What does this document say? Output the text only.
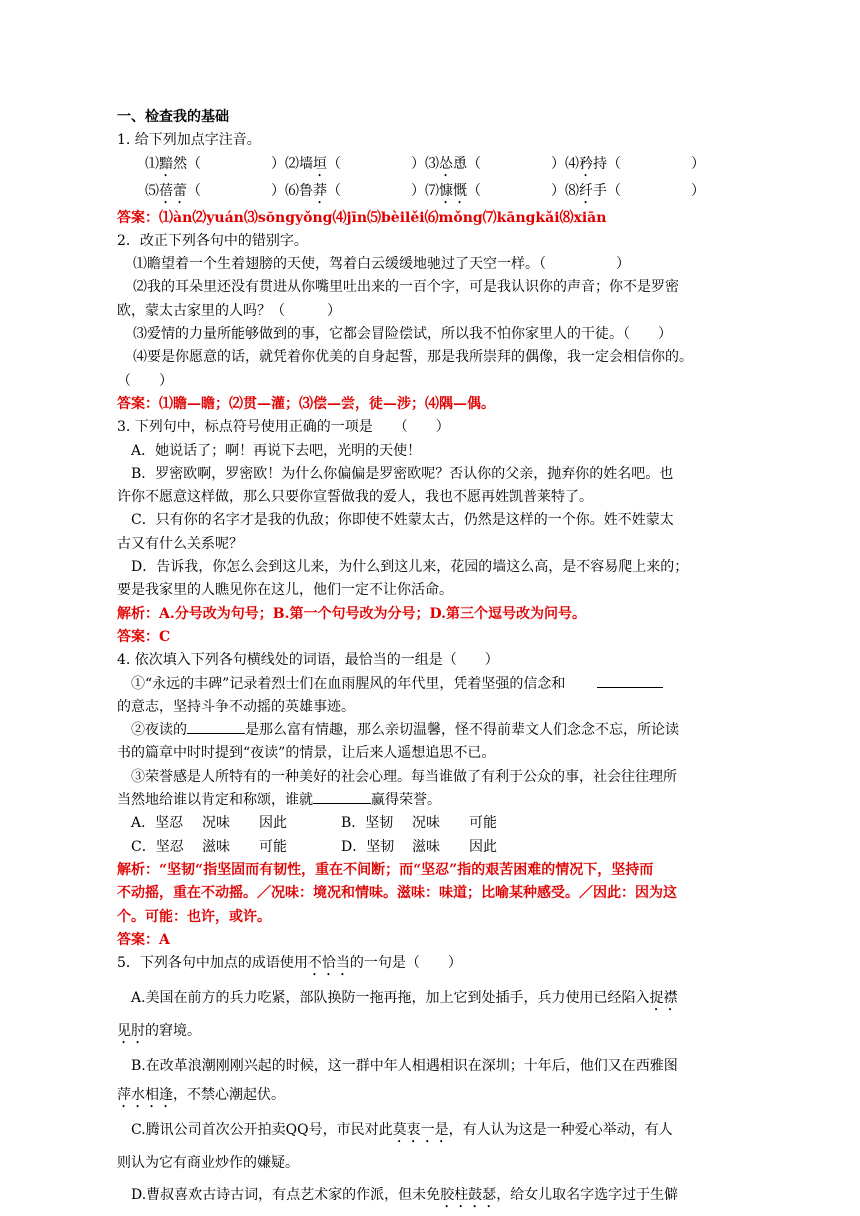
一、检查我的基础
1. 给下列加点字注音。
⑴黯然（　　　　　）⑵墙垣（　　　　　）⑶怂恿（　　　　　）⑷矜持（　　　　　）
⑸蓓蕾（　　　　　）⑹鲁莽（　　　　　）⑺慷慨（　　　　　）⑻纤手（　　　　　）
答案：⑴àn⑵yuán⑶sŏngyǒng⑷jīn⑸bèilěi⑹mǒng⑺kāngkǎi⑻xiān
2．改正下列各句中的错别字。
⑴瞻望着一个生着翅膀的天使，驾着白云缓缓地驰过了天空一样。（　　　　　）
⑵我的耳朵里还没有贯进从你嘴里吐出来的一百个字，可是我认识你的声音；你不是罗密
欧，蒙太古家里的人吗？（　　　）
⑶爱情的力量所能够做到的事，它都会冒险偿试，所以我不怕你家里人的干徒。（　　）
⑷要是你愿意的话，就凭着你优美的自身起誓，那是我所崇拜的偶像，我一定会相信你的。
（　　）
答案：⑴瞻—瞻；⑵贯—灌；⑶偿—尝，徒—涉；⑷隅—偶。
3. 下列句中，标点符号使用正确的一项是　　（　　）
A．她说话了；啊！再说下去吧，光明的天使！
B．罗密欧啊，罗密欧！为什么你偏偏是罗密欧呢？否认你的父亲，抛弃你的姓名吧。也
许你不愿意这样做，那么只要你宣誓做我的爱人，我也不愿再姓凯普莱特了。
C．只有你的名字才是我的仇敌；你即使不姓蒙太古，仍然是这样的一个你。姓不姓蒙太
古又有什么关系呢？
D．告诉我，你怎么会到这儿来，为什么到这儿来，花园的墙这么高，是不容易爬上来的；
要是我家里的人瞧见你在这儿，他们一定不让你活命。
解析：A.分号改为句号；B.第一个句号改为分号；D.第三个逗号改为问号。
答案：C
4. 依次填入下列各句横线处的词语，最恰当的一组是（　　）
①“永远的丰碑”记录着烈士们在血雨腥风的年代里，凭着坚强的信念和
的意志，坚持斗争不动摇的英雄事迹。
②夜读的	是那么富有情趣，那么亲切温馨，怪不得前辈文人们念念不忘，所论读
书的篇章中时时提到“夜读”的情景，让后来人遥想追思不已。
③荣誉感是人所特有的一种美好的社会心理。每当谁做了有利于公众的事，社会往往理所
当然地给谁以肯定和称颂，谁就	赢得荣誉。
A．坚忍 况味 因此	B．坚韧 况味 可能
C．坚忍 滋味 可能	D．坚韧 滋味 因此
解析：“坚韧“指坚固而有韧性，重在不间断；而“坚忍”指的艰苦困难的情况下，坚持而
不动摇，重在不动摇。／况味：境况和情味。滋味：味道；比喻某种感受。／因此：因为这
个。可能：也许，或许。
答案：A
5．下列各句中加点的成语使用不恰当的一句是（　　）
A.美国在前方的兵力吃紧，部队换防一拖再拖，加上它到处插手，兵力使用已经陷入捉襟
见肘的窘境。
B.在改革浪潮刚刚兴起的时候，这一群中年人相遇相识在深圳；十年后，他们又在西雅图
萍水相逢，不禁心潮起伏。
C.腾讯公司首次公开拍卖QQ号，市民对此莫衷一是，有人认为这是一种爱心举动，有人
则认为它有商业炒作的嫌疑。
D.曹叔喜欢古诗古词，有点艺术家的作派，但未免胶柱鼓瑟，给女儿取名字选字过于生僻
